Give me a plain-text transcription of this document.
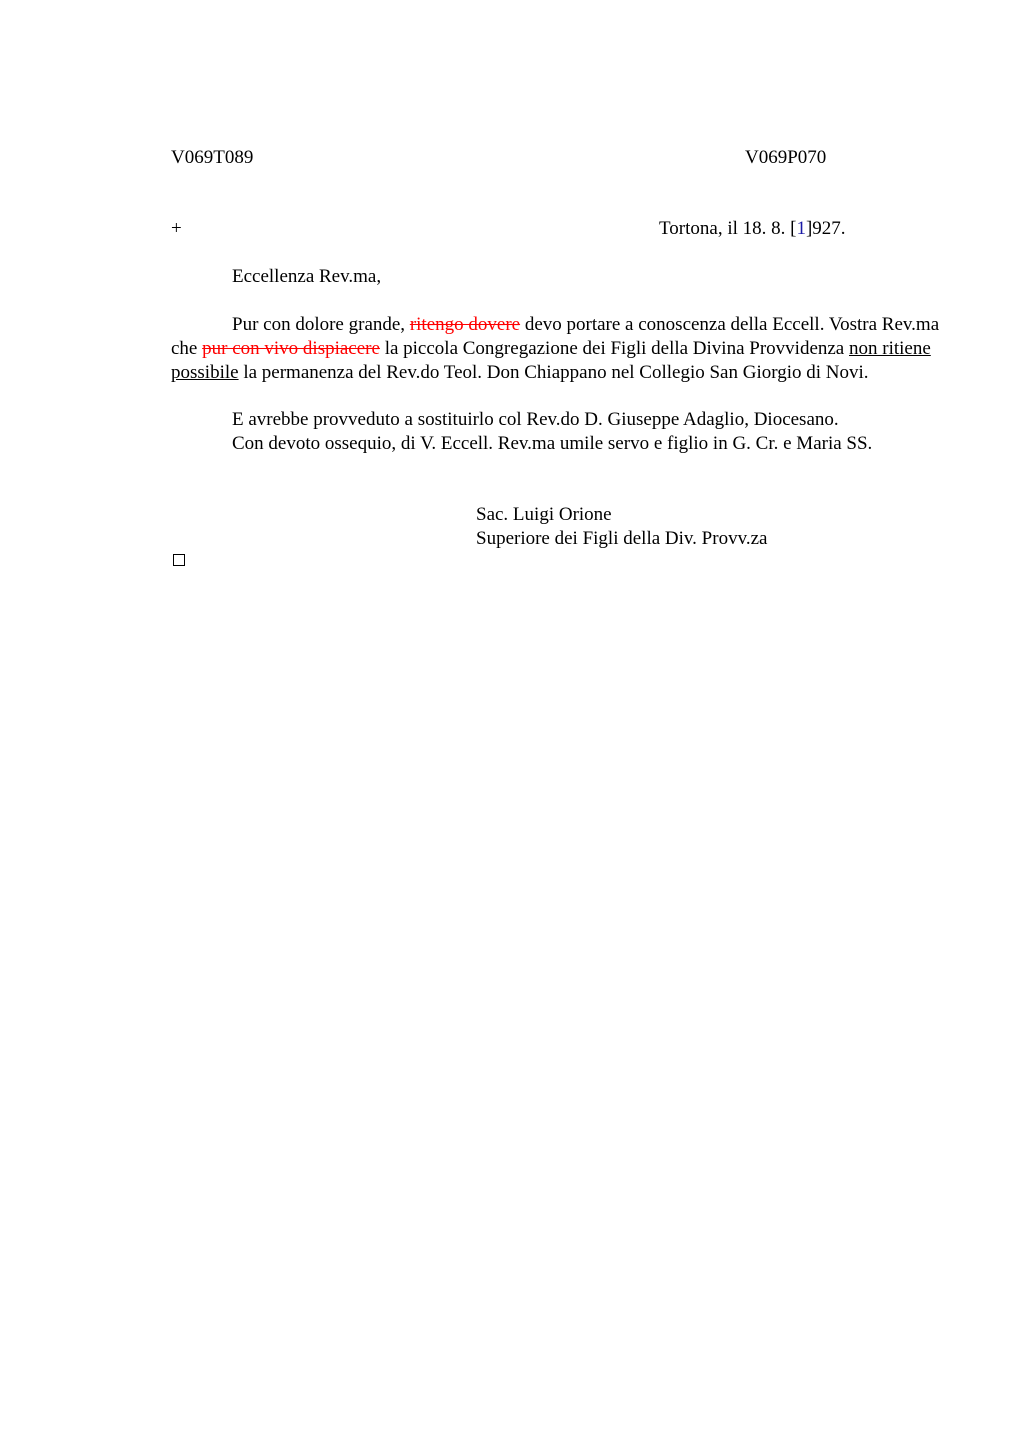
V069T089	V069P070
+	Tortona, il 18. 8. [1]927.
Eccellenza Rev.ma,
Pur con dolore grande, ritengo dovere devo portare a conoscenza della Eccell. Vostra Rev.ma che pur con vivo dispiacere la piccola Congregazione dei Figli della Divina Provvidenza non ritiene possibile la permanenza del Rev.do Teol. Don Chiappano nel Collegio San Giorgio di Novi.
E avrebbe provveduto a sostituirlo col Rev.do D. Giuseppe Adaglio, Diocesano.
Con devoto ossequio, di V. Eccell. Rev.ma umile servo e figlio in G. Cr. e Maria SS.
Sac. Luigi Orione
Superiore dei Figli della Div. Provv.za
